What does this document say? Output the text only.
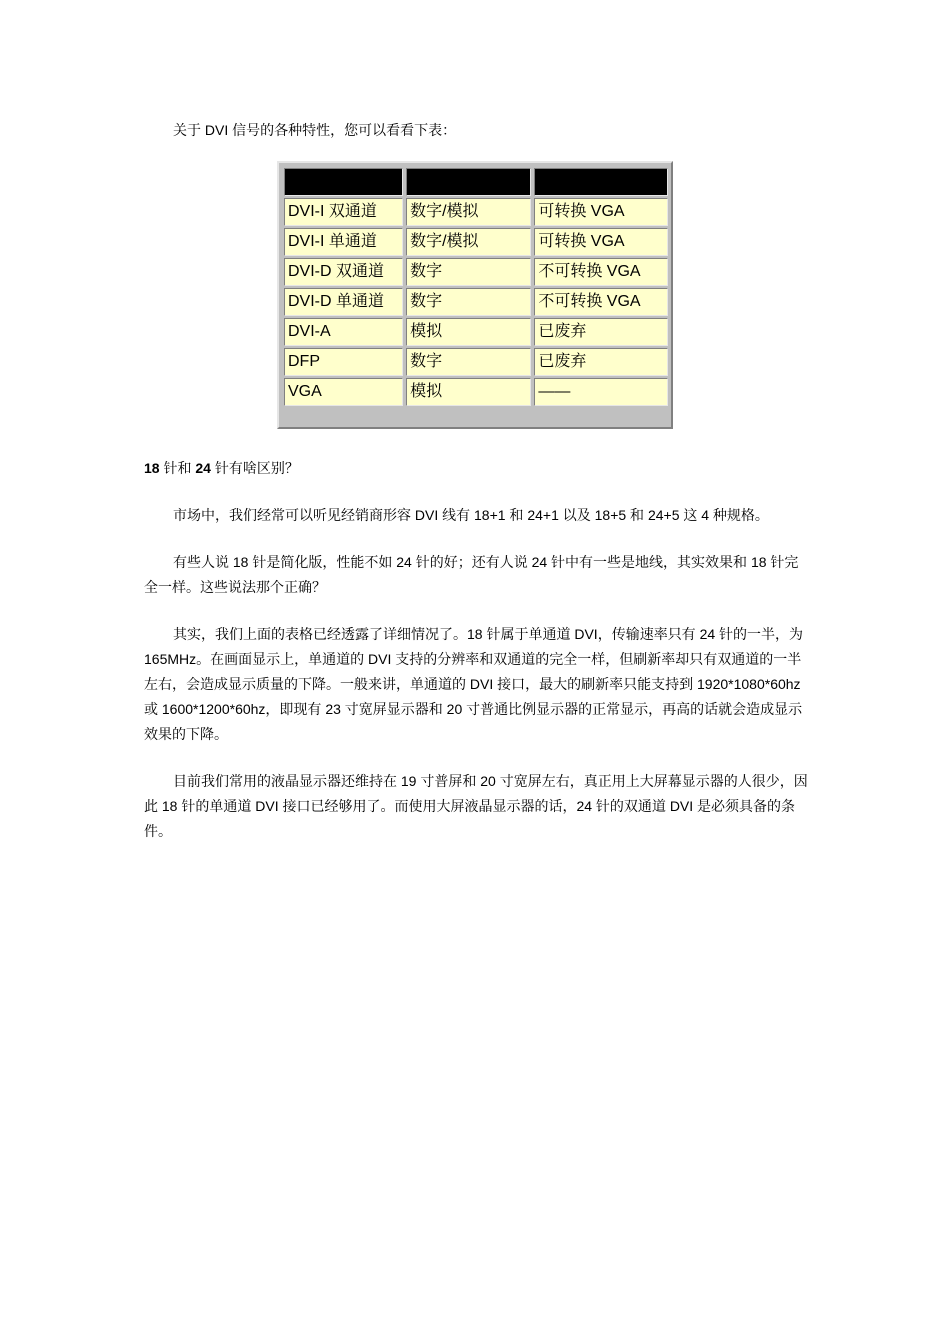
关于 DVI 信号的各种特性，您可以看看下表：

DVI-I 双通道	数字/模拟	可转换 VGA
DVI-I 单通道	数字/模拟	可转换 VGA
DVI-D 双通道	数字	不可转换 VGA
DVI-D 单通道	数字	不可转换 VGA
DVI-A	模拟	已废弃
DFP	数字	已废弃
VGA	模拟	——

18 针和 24 针有啥区别？

市场中，我们经常可以听见经销商形容 DVI 线有 18+1 和 24+1 以及 18+5 和 24+5 这 4 种规格。

有些人说 18 针是简化版，性能不如 24 针的好；还有人说 24 针中有一些是地线，其实效果和 18 针完全一样。这些说法那个正确？

其实，我们上面的表格已经透露了详细情况了。18 针属于单通道 DVI，传输速率只有 24 针的一半，为 165MHz。在画面显示上，单通道的 DVI 支持的分辨率和双通道的完全一样，但刷新率却只有双通道的一半左右，会造成显示质量的下降。一般来讲，单通道的 DVI 接口，最大的刷新率只能支持到 1920*1080*60hz 或 1600*1200*60hz，即现有 23 寸宽屏显示器和 20 寸普通比例显示器的正常显示，再高的话就会造成显示效果的下降。

目前我们常用的液晶显示器还维持在 19 寸普屏和 20 寸宽屏左右，真正用上大屏幕显示器的人很少，因此 18 针的单通道 DVI 接口已经够用了。而使用大屏液晶显示器的话，24 针的双通道 DVI 是必须具备的条件。
